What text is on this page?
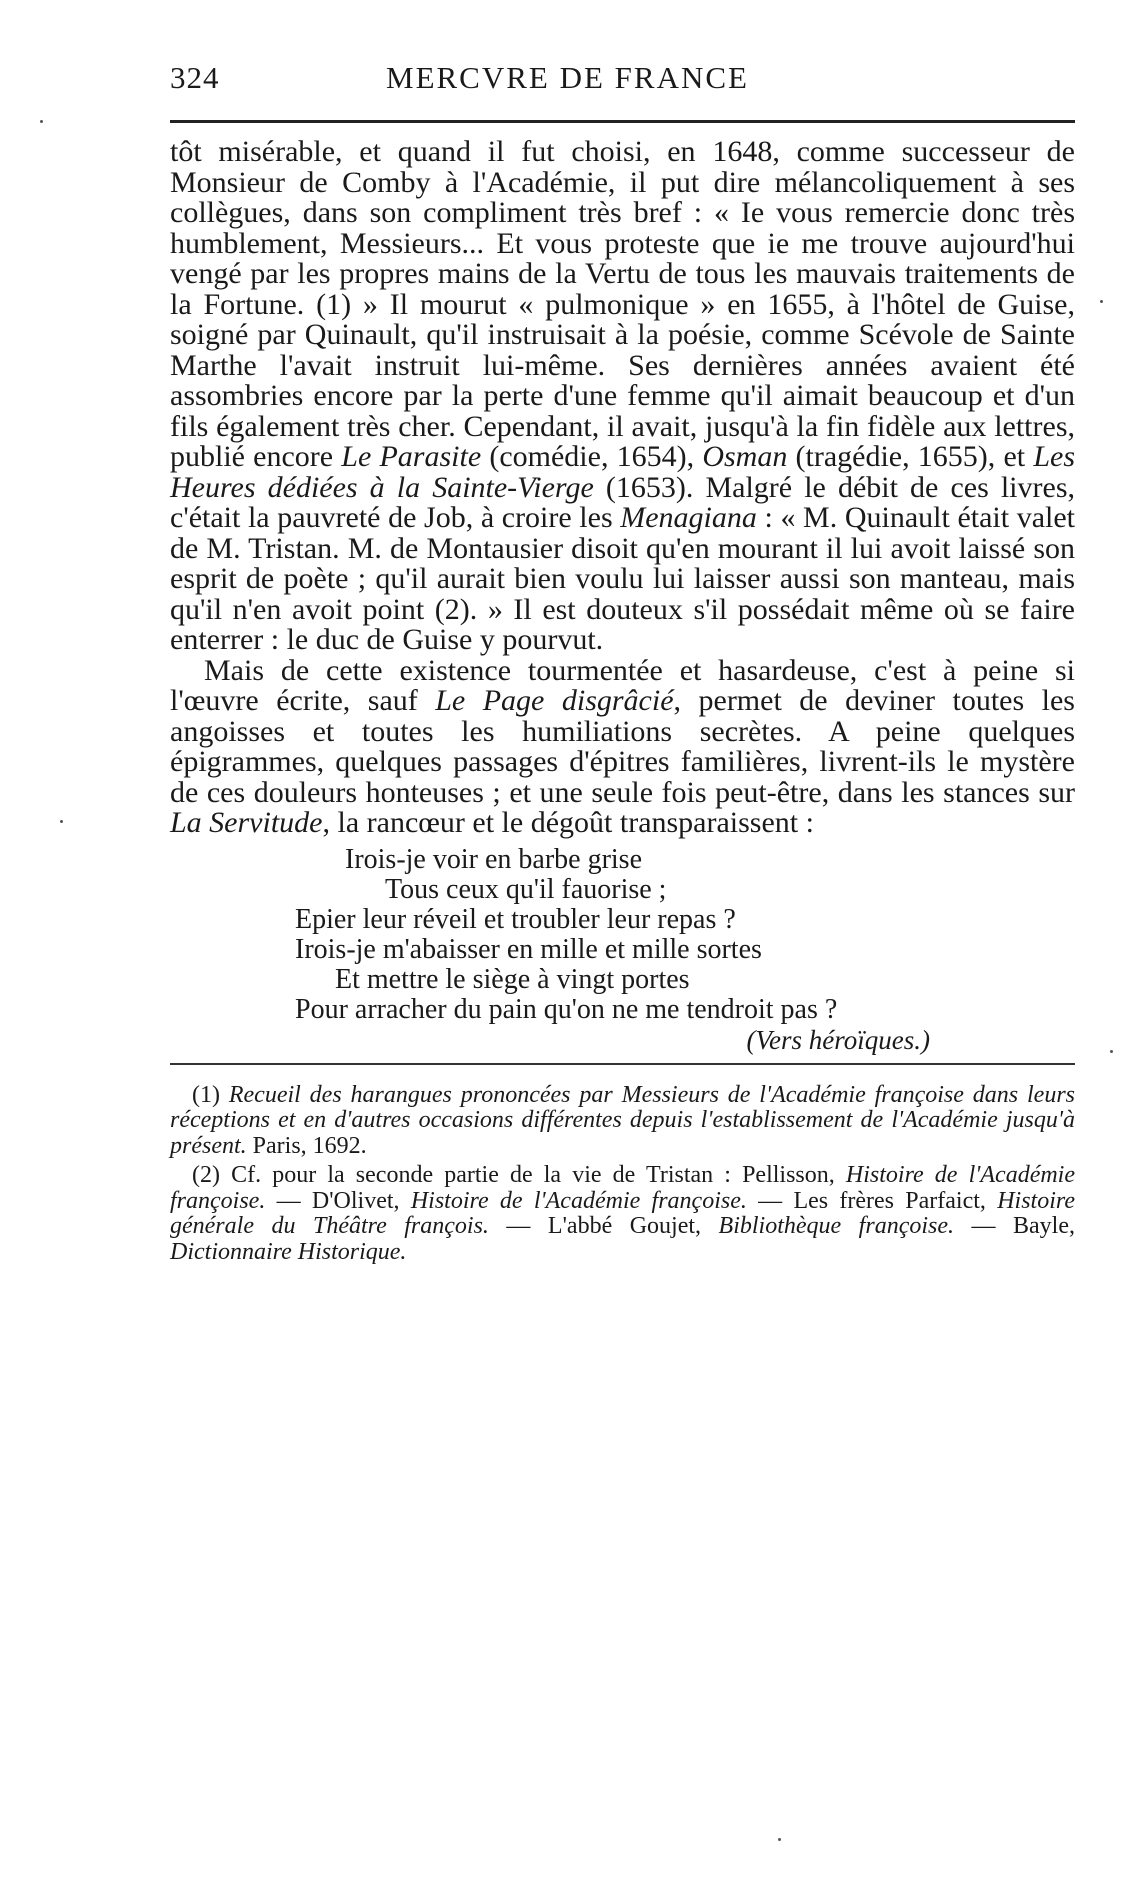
324	MERCVRE DE FRANCE

tôt misérable, et quand il fut choisi, en 1648, comme successeur de Monsieur de Comby à l'Académie, il put dire mélancoliquement à ses collègues, dans son compliment très bref : « Ie vous remercie donc très humblement, Messieurs... Et vous proteste que ie me trouve aujourd'hui vengé par les propres mains de la Vertu de tous les mauvais traitements de la Fortune. (1) » Il mourut « pulmonique » en 1655, à l'hôtel de Guise, soigné par Quinault, qu'il instruisait à la poésie, comme Scévole de Sainte Marthe l'avait instruit lui-même. Ses dernières années avaient été assombries encore par la perte d'une femme qu'il aimait beaucoup et d'un fils également très cher. Cependant, il avait, jusqu'à la fin fidèle aux lettres, publié encore Le Parasite (comédie, 1654), Osman (tragédie, 1655), et Les Heures dédiées à la Sainte-Vierge (1653). Malgré le débit de ces livres, c'était la pauvreté de Job, à croire les Menagiana : « M. Quinault était valet de M. Tristan. M. de Montausier disoit qu'en mourant il lui avoit laissé son esprit de poète ; qu'il aurait bien voulu lui laisser aussi son manteau, mais qu'il n'en avoit point (2). » Il est douteux s'il possédait même où se faire enterrer : le duc de Guise y pourvut.

Mais de cette existence tourmentée et hasardeuse, c'est à peine si l'œuvre écrite, sauf Le Page disgrâcié, permet de deviner toutes les angoisses et toutes les humiliations secrètes. A peine quelques épigrammes, quelques passages d'épitres familières, livrent-ils le mystère de ces douleurs honteuses ; et une seule fois peut-être, dans les stances sur La Servitude, la rancœur et le dégoût transparaissent :

Irois-je voir en barbe grise
Tous ceux qu'il fauorise ;
Epier leur réveil et troubler leur repas ?
Irois-je m'abaisser en mille et mille sortes
Et mettre le siège à vingt portes
Pour arracher du pain qu'on ne me tendroit pas ?
(Vers héroïques.)

(1) Recueil des harangues prononcées par Messieurs de l'Académie françoise dans leurs réceptions et en d'autres occasions différentes depuis l'establissement de l'Académie jusqu'à présent. Paris, 1692.

(2) Cf. pour la seconde partie de la vie de Tristan : Pellisson, Histoire de l'Académie françoise. — D'Olivet, Histoire de l'Académie françoise. — Les frères Parfaict, Histoire générale du Théâtre françois. — L'abbé Goujet, Bibliothèque françoise. — Bayle, Dictionnaire Historique.
